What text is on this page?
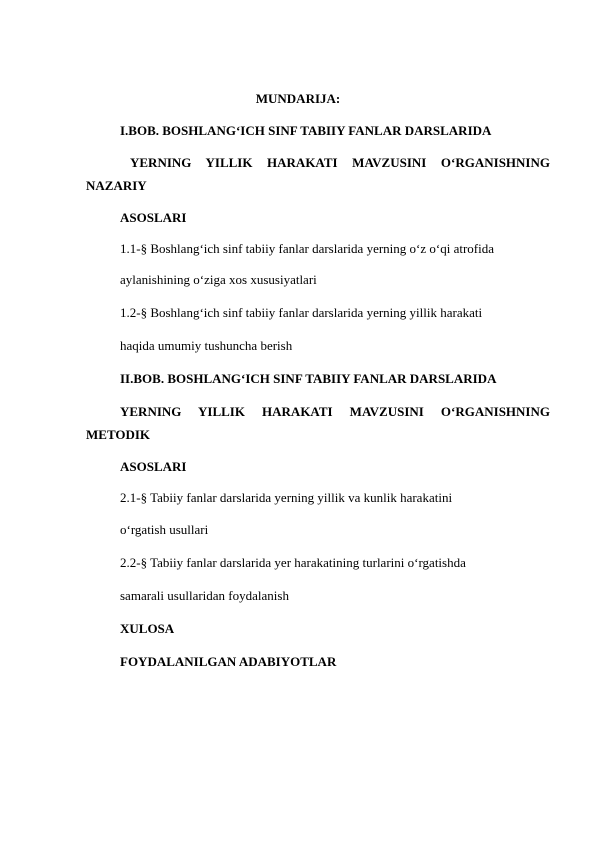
MUNDARIJA:
I.BOB. BOSHLANG‘ICH SINF TABIIY FANLAR DARSLARIDA
YERNING YILLIK HARAKATI MAVZUSINI O‘RGANISHNING
NAZARIY
ASOSLARI
1.1-§ Boshlang‘ich sinf tabiiy fanlar darslarida yerning o‘z o‘qi atrofida
aylanishining o‘ziga xos xususiyatlari
1.2-§ Boshlang‘ich sinf tabiiy fanlar darslarida yerning yillik harakati
haqida umumiy tushuncha berish
II.BOB. BOSHLANG‘ICH SINF TABIIY FANLAR DARSLARIDA
YERNING YILLIK HARAKATI MAVZUSINI O‘RGANISHNING
METODIK
ASOSLARI
2.1-§ Tabiiy fanlar darslarida yerning yillik va kunlik harakatini
o‘rgatish usullari
2.2-§ Tabiiy fanlar darslarida yer harakatining turlarini o‘rgatishda
samarali usullaridan foydalanish
XULOSA
FOYDALANILGAN ADABIYOTLAR
